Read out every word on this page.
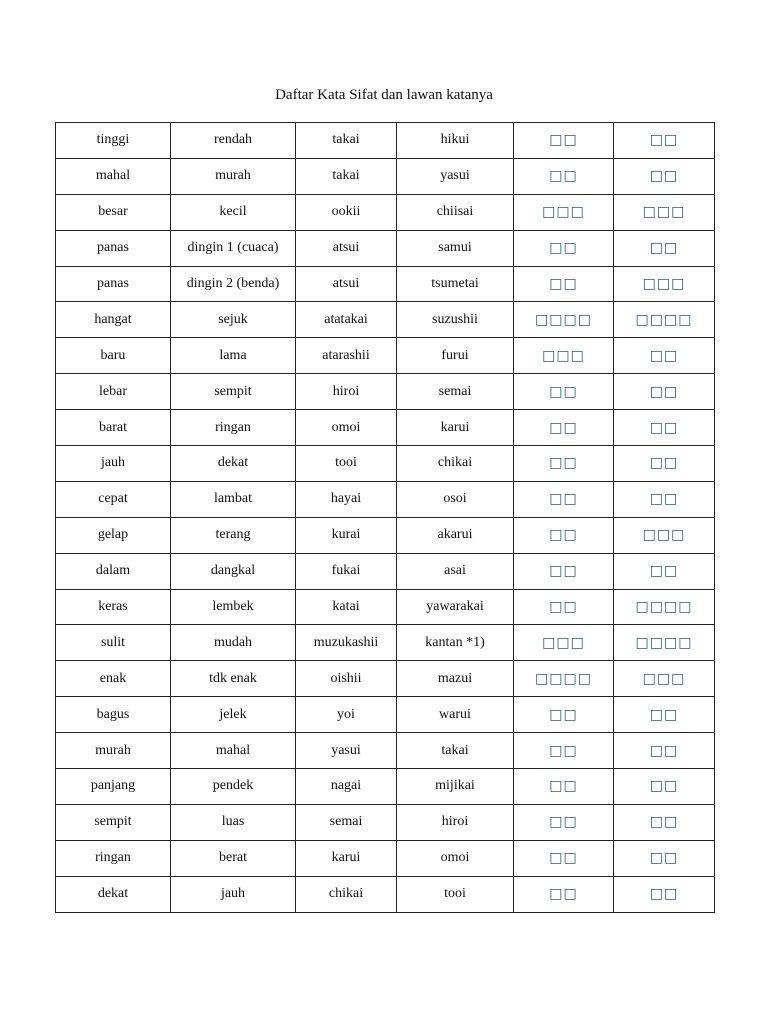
Daftar Kata Sifat dan lawan katanya
tinggi	rendah	takai	hikui	□□	□□
mahal	murah	takai	yasui	□□	□□
besar	kecil	ookii	chiisai	□□□	□□□
panas	dingin 1 (cuaca)	atsui	samui	□□	□□
panas	dingin 2 (benda)	atsui	tsumetai	□□	□□□
hangat	sejuk	atatakai	suzushii	□□□□	□□□□
baru	lama	atarashii	furui	□□□	□□
lebar	sempit	hiroi	semai	□□	□□
barat	ringan	omoi	karui	□□	□□
jauh	dekat	tooi	chikai	□□	□□
cepat	lambat	hayai	osoi	□□	□□
gelap	terang	kurai	akarui	□□	□□□
dalam	dangkal	fukai	asai	□□	□□
keras	lembek	katai	yawarakai	□□	□□□□
sulit	mudah	muzukashii	kantan *1)	□□□	□□□□
enak	tdk enak	oishii	mazui	□□□□	□□□
bagus	jelek	yoi	warui	□□	□□
murah	mahal	yasui	takai	□□	□□
panjang	pendek	nagai	mijikai	□□	□□
sempit	luas	semai	hiroi	□□	□□
ringan	berat	karui	omoi	□□	□□
dekat	jauh	chikai	tooi	□□	□□
